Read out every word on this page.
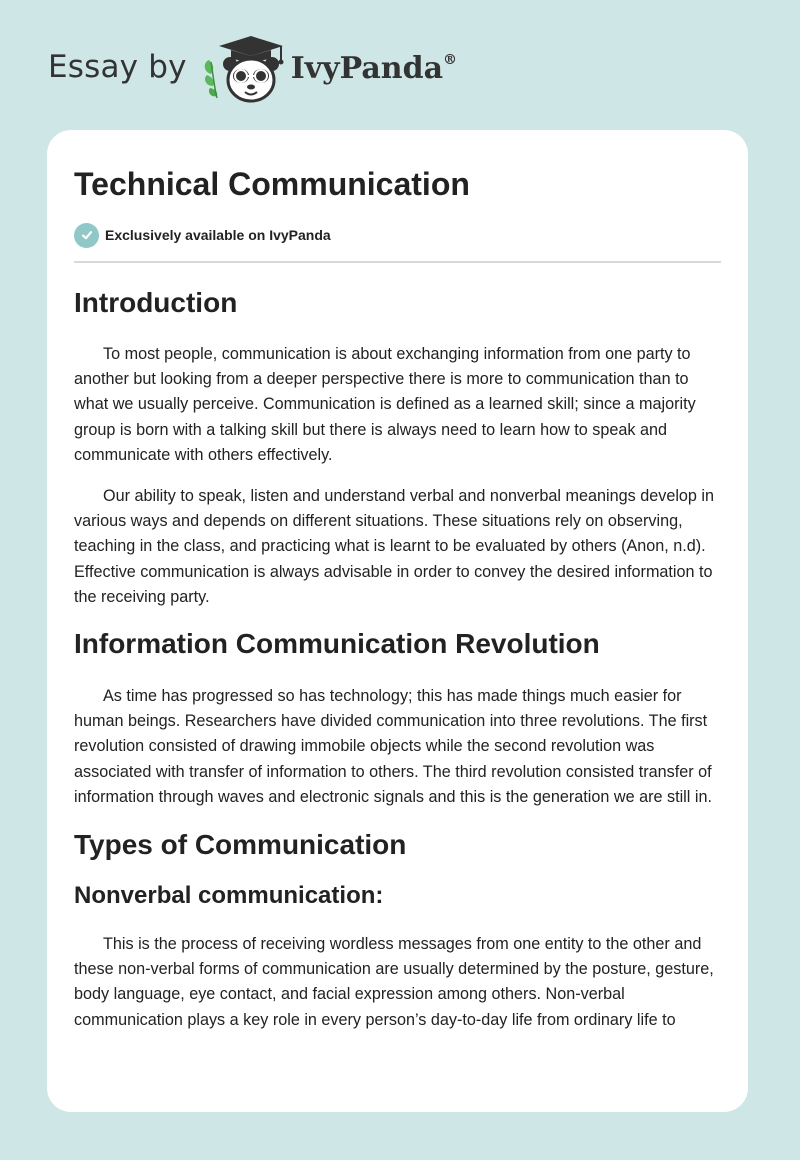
Essay by	IvyPanda®
Technical Communication
Exclusively available on IvyPanda
Introduction

To most people, communication is about exchanging information from one party to another but looking from a deeper perspective there is more to communication than to what we usually perceive. Communication is defined as a learned skill; since a majority group is born with a talking skill but there is always need to learn how to speak and communicate with others effectively.

Our ability to speak, listen and understand verbal and nonverbal meanings develop in various ways and depends on different situations. These situations rely on observing, teaching in the class, and practicing what is learnt to be evaluated by others (Anon, n.d). Effective communication is always advisable in order to convey the desired information to the receiving party.

Information Communication Revolution

As time has progressed so has technology; this has made things much easier for human beings. Researchers have divided communication into three revolutions. The first revolution consisted of drawing immobile objects while the second revolution was associated with transfer of information to others. The third revolution consisted transfer of information through waves and electronic signals and this is the generation we are still in.

Types of Communication
Nonverbal communication:

This is the process of receiving wordless messages from one entity to the other and these non-verbal forms of communication are usually determined by the posture, gesture, body language, eye contact, and facial expression among others. Non-verbal communication plays a key role in every person’s day-to-day life from ordinary life to
